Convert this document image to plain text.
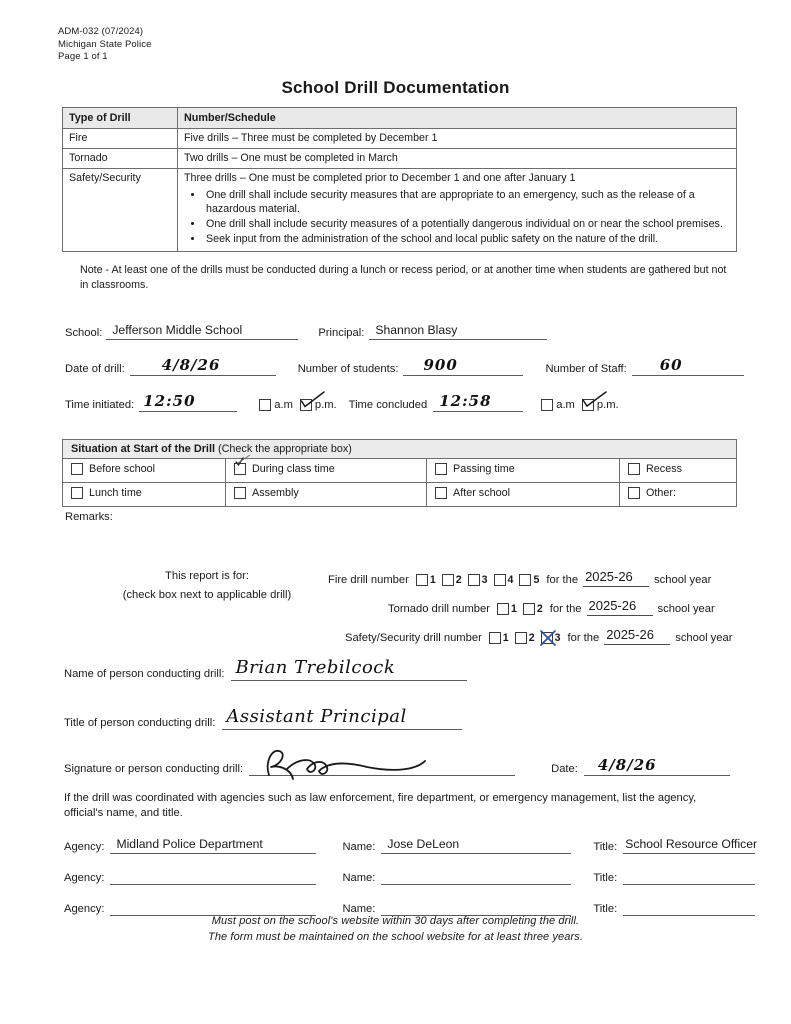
ADM-032 (07/2024)
Michigan State Police
Page 1 of 1
School Drill Documentation
Type of Drill	Number/Schedule
Fire	Five drills – Three must be completed by December 1
Tornado	Two drills – One must be completed in March
Safety/Security	Three drills – One must be completed prior to December 1 and one after January 1
• One drill shall include security measures that are appropriate to an emergency, such as the release of a hazardous material.
• One drill shall include security measures of a potentially dangerous individual on or near the school premises.
• Seek input from the administration of the school and local public safety on the nature of the drill.
Note - At least one of the drills must be conducted during a lunch or recess period, or at another time when students are gathered but not in classrooms.
School: Jefferson Middle School	Principal: Shannon Blasy
Date of drill: 4/8/26	Number of students: 900	Number of Staff: 60
Time initiated: 12:50	a.m p.m. Time concluded 12:58	a.m p.m.
Situation at Start of the Drill (Check the appropriate box)			

Before school	During class time	Passing time	Recess

Lunch time	Assembly	After school	Other:
Remarks:
This report is for:
(check box next to applicable drill)
Fire drill number 1 2 3 4 5 for the 2025-26 school year
Tornado drill number 1 2 for the 2025-26 school year
Safety/Security drill number 1 2 3 for the 2025-26 school year
Name of person conducting drill: Brian Trebilcock
Title of person conducting drill: Assistant Principal
Signature or person conducting drill:	Date: 4/8/26
If the drill was coordinated with agencies such as law enforcement, fire department, or emergency management, list the agency, official's name, and title.
Agency: Midland Police Department	Name: Jose DeLeon	Title: School Resource Officer
Agency:	Name:	Title:
Agency:	Name:	Title:
Must post on the school's website within 30 days after completing the drill.
The form must be maintained on the school website for at least three years.
